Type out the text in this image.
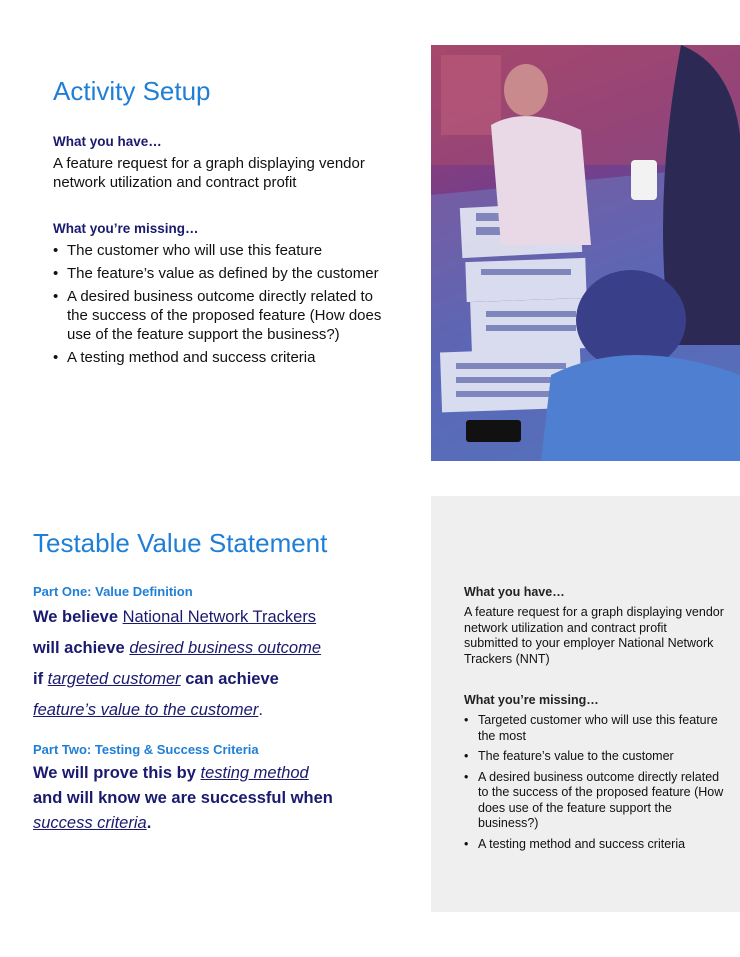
Activity Setup

What you have…

A feature request for a graph displaying vendor network utilization and contract profit

What you’re missing…

• The customer who will use this feature
• The feature’s value as defined by the customer
• A desired business outcome directly related to the success of the proposed feature (How does use of the feature support the business?)
• A testing method and success criteria
Testable Value Statement

Part One: Value Definition

We believe National Network Trackers

will achieve desired business outcome

if targeted customer can achieve

feature’s value to the customer.

Part Two: Testing & Success Criteria

We will prove this by testing method

and will know we are successful when

success criteria.

What you have…

A feature request for a graph displaying vendor network utilization and contract profit submitted to your employer National Network Trackers (NNT)

What you’re missing…

• Targeted customer who will use this feature the most
• The feature’s value to the customer
• A desired business outcome directly related to the success of the proposed feature (How does use of the feature support the business?)
• A testing method and success criteria
